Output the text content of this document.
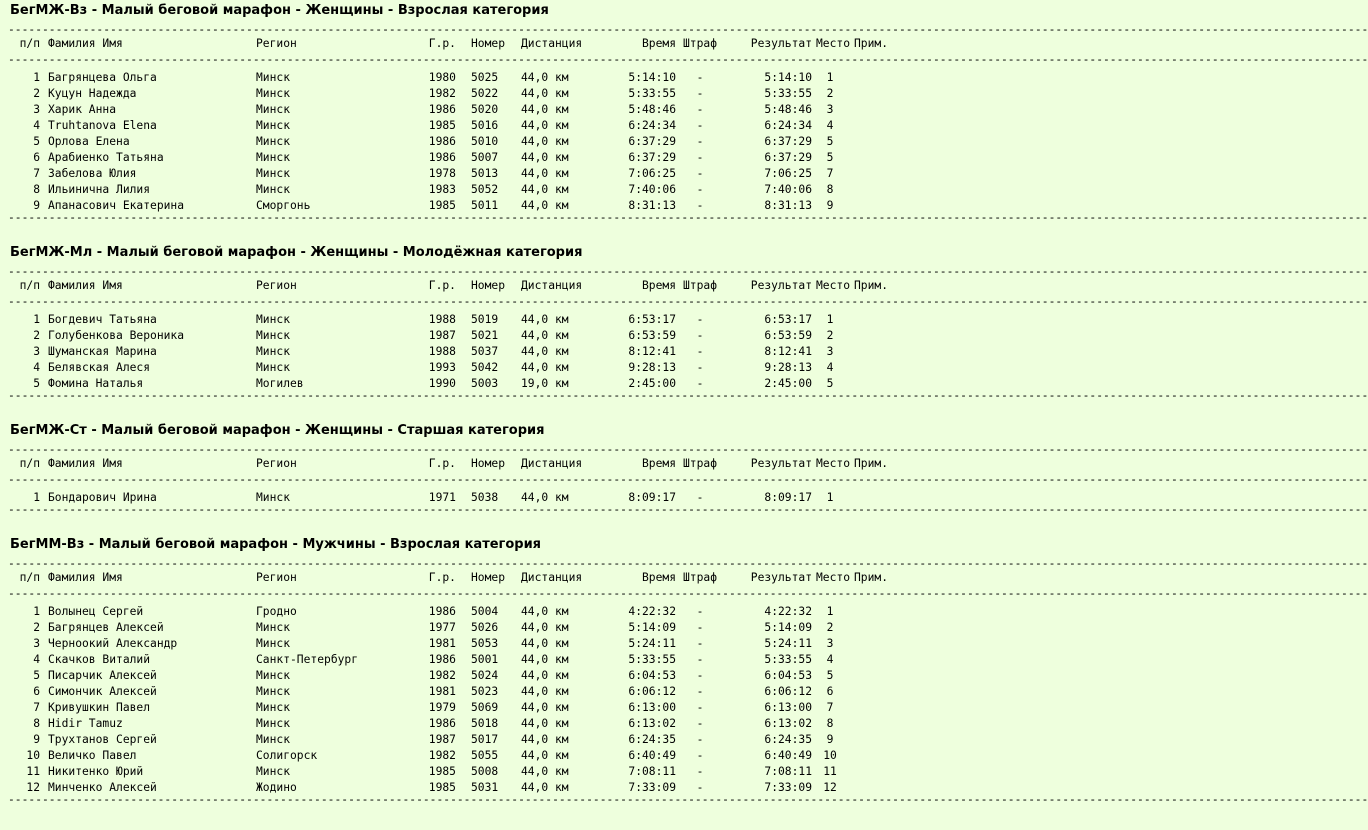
БегМЖ-Вз - Малый беговой марафон - Женщины - Взрослая категория
--------------------------------------------------------------------------------------------------------------------------------------------------------------------------------------------------------
п/п Фамилия Имя	Регион	Г.р. Номер Дистанция	Время Штраф	Результат Место Прим.
--------------------------------------------------------------------------------------------------------------------------------------------------------------------------------------------------------
1 Багрянцева Ольга	Минск	1980 5025 44,0 км	5:14:10	-	5:14:10	1
2 Куцун Надежда	Минск	1982 5022 44,0 км	5:33:55	-	5:33:55	2
3 Харик Анна	Минск	1986 5020 44,0 км	5:48:46	-	5:48:46	3
4 Truhtanova Elena	Минск	1985 5016 44,0 км	6:24:34	-	6:24:34	4
5 Орлова Елена	Минск	1986 5010 44,0 км	6:37:29	-	6:37:29	5
6 Арабиенко Татьяна	Минск	1986 5007 44,0 км	6:37:29	-	6:37:29	5
7 Забелова Юлия	Минск	1978 5013 44,0 км	7:06:25	-	7:06:25	7
8 Ильинична Лилия	Минск	1983 5052 44,0 км	7:40:06	-	7:40:06	8
9 Апанасович Екатерина	Сморгонь	1985 5011 44,0 км	8:31:13	-	8:31:13	9
--------------------------------------------------------------------------------------------------------------------------------------------------------------------------------------------------------
БегМЖ-Мл - Малый беговой марафон - Женщины - Молодёжная категория
--------------------------------------------------------------------------------------------------------------------------------------------------------------------------------------------------------
п/п Фамилия Имя	Регион	Г.р. Номер Дистанция	Время Штраф	Результат Место Прим.
--------------------------------------------------------------------------------------------------------------------------------------------------------------------------------------------------------
1 Богдевич Татьяна	Минск	1988 5019 44,0 км	6:53:17	-	6:53:17	1
2 Голубенкова Вероника	Минск	1987 5021 44,0 км	6:53:59	-	6:53:59	2
3 Шуманская Марина	Минск	1988 5037 44,0 км	8:12:41	-	8:12:41	3
4 Белявская Алеся	Минск	1993 5042 44,0 км	9:28:13	-	9:28:13	4
5 Фомина Наталья	Могилев	1990 5003 19,0 км	2:45:00	-	2:45:00	5
--------------------------------------------------------------------------------------------------------------------------------------------------------------------------------------------------------
БегМЖ-Ст - Малый беговой марафон - Женщины - Старшая категория
--------------------------------------------------------------------------------------------------------------------------------------------------------------------------------------------------------
п/п Фамилия Имя	Регион	Г.р. Номер Дистанция	Время Штраф	Результат Место Прим.
--------------------------------------------------------------------------------------------------------------------------------------------------------------------------------------------------------
1 Бондарович Ирина	Минск	1971 5038 44,0 км	8:09:17	-	8:09:17	1
--------------------------------------------------------------------------------------------------------------------------------------------------------------------------------------------------------
БегММ-Вз - Малый беговой марафон - Мужчины - Взрослая категория
--------------------------------------------------------------------------------------------------------------------------------------------------------------------------------------------------------
п/п Фамилия Имя	Регион	Г.р. Номер Дистанция	Время Штраф	Результат Место Прим.
--------------------------------------------------------------------------------------------------------------------------------------------------------------------------------------------------------
1 Волынец Сергей	Гродно	1986 5004 44,0 км	4:22:32	-	4:22:32	1
2 Багрянцев Алексей	Минск	1977 5026 44,0 км	5:14:09	-	5:14:09	2
3 Черноокий Александр	Минск	1981 5053 44,0 км	5:24:11	-	5:24:11	3
4 Скачков Виталий	Санкт-Петербург	1986 5001 44,0 км	5:33:55	-	5:33:55	4
5 Писарчик Алексей	Минск	1982 5024 44,0 км	6:04:53	-	6:04:53	5
6 Симончик Алексей	Минск	1981 5023 44,0 км	6:06:12	-	6:06:12	6
7 Кривушкин Павел	Минск	1979 5069 44,0 км	6:13:00	-	6:13:00	7
8 Hidir Tamuz	Минск	1986 5018 44,0 км	6:13:02	-	6:13:02	8
9 Трухтанов Сергей	Минск	1987 5017 44,0 км	6:24:35	-	6:24:35	9
10 Величко Павел	Солигорск	1982 5055 44,0 км	6:40:49	-	6:40:49 10
11 Никитенко Юрий	Минск	1985 5008 44,0 км	7:08:11	-	7:08:11 11
12 Минченко Алексей	Жодино	1985 5031 44,0 км	7:33:09	-	7:33:09 12
--------------------------------------------------------------------------------------------------------------------------------------------------------------------------------------------------------
